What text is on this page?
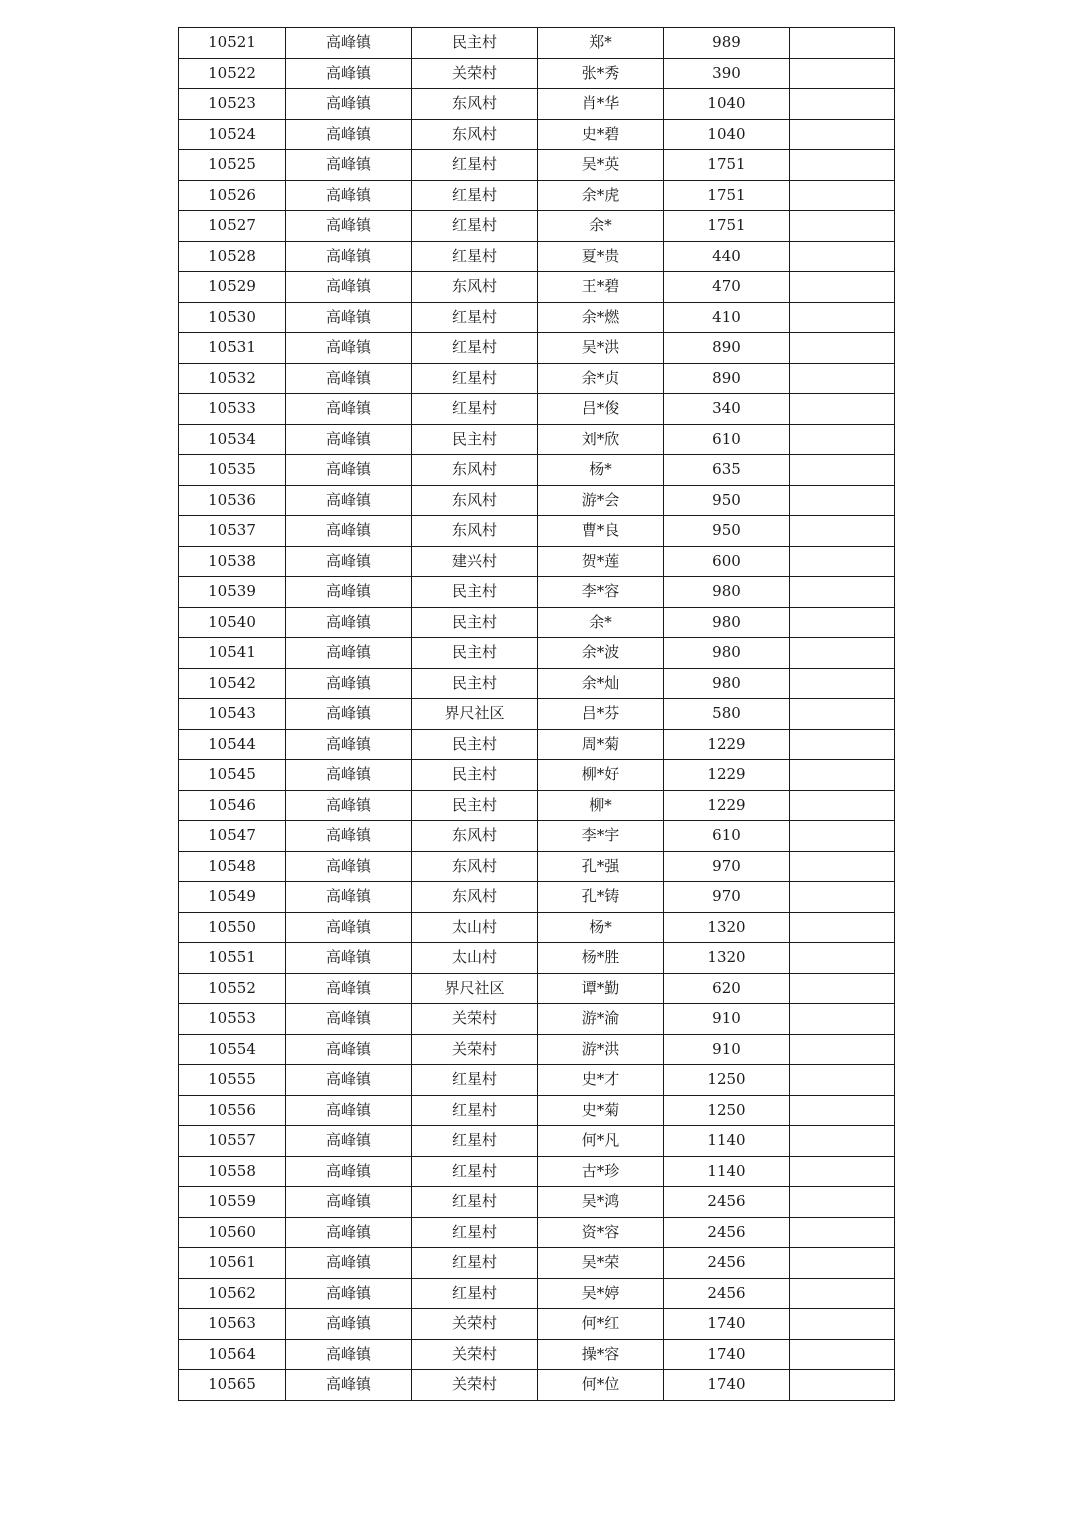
10521	高峰镇	民主村	郑*	989	
10522	高峰镇	关荣村	张*秀	390	
10523	高峰镇	东风村	肖*华	1040	
10524	高峰镇	东风村	史*碧	1040	
10525	高峰镇	红星村	吴*英	1751	
10526	高峰镇	红星村	余*虎	1751	
10527	高峰镇	红星村	余*	1751	
10528	高峰镇	红星村	夏*贵	440	
10529	高峰镇	东风村	王*碧	470	
10530	高峰镇	红星村	余*燃	410	
10531	高峰镇	红星村	吴*洪	890	
10532	高峰镇	红星村	余*贞	890	
10533	高峰镇	红星村	吕*俊	340	
10534	高峰镇	民主村	刘*欣	610	
10535	高峰镇	东风村	杨*	635	
10536	高峰镇	东风村	游*会	950	
10537	高峰镇	东风村	曹*良	950	
10538	高峰镇	建兴村	贺*莲	600	
10539	高峰镇	民主村	李*容	980	
10540	高峰镇	民主村	余*	980	
10541	高峰镇	民主村	余*波	980	
10542	高峰镇	民主村	余*灿	980	
10543	高峰镇	界尺社区	吕*芬	580	
10544	高峰镇	民主村	周*菊	1229	
10545	高峰镇	民主村	柳*好	1229	
10546	高峰镇	民主村	柳*	1229	
10547	高峰镇	东风村	李*宇	610	
10548	高峰镇	东风村	孔*强	970	
10549	高峰镇	东风村	孔*铸	970	
10550	高峰镇	太山村	杨*	1320	
10551	高峰镇	太山村	杨*胜	1320	
10552	高峰镇	界尺社区	谭*勤	620	
10553	高峰镇	关荣村	游*渝	910	
10554	高峰镇	关荣村	游*洪	910	
10555	高峰镇	红星村	史*才	1250	
10556	高峰镇	红星村	史*菊	1250	
10557	高峰镇	红星村	何*凡	1140	
10558	高峰镇	红星村	古*珍	1140	
10559	高峰镇	红星村	吴*鸿	2456	
10560	高峰镇	红星村	资*容	2456	
10561	高峰镇	红星村	吴*荣	2456	
10562	高峰镇	红星村	吴*婷	2456	
10563	高峰镇	关荣村	何*红	1740	
10564	高峰镇	关荣村	操*容	1740	
10565	高峰镇	关荣村	何*位	1740	
